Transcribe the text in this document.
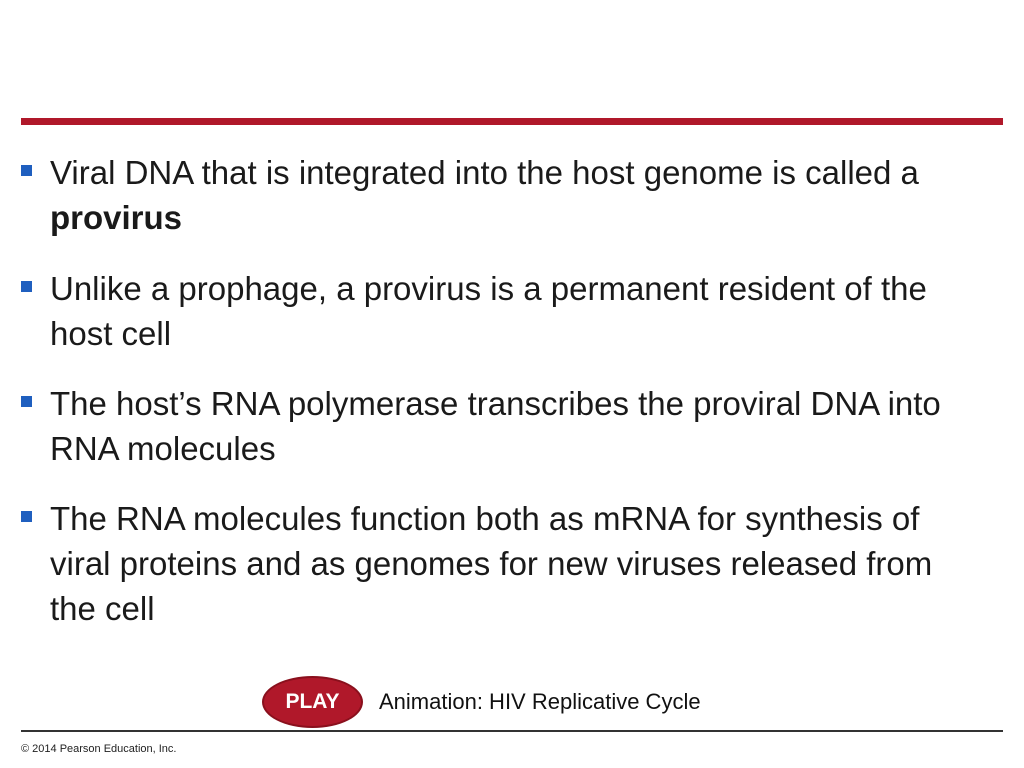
Viral DNA that is integrated into the host genome is called a provirus
Unlike a prophage, a provirus is a permanent resident of the host cell
The host’s RNA polymerase transcribes the proviral DNA into RNA molecules
The RNA molecules function both as mRNA for synthesis of viral proteins and as genomes for new viruses released from the cell
PLAY Animation: HIV Replicative Cycle
© 2014 Pearson Education, Inc.
